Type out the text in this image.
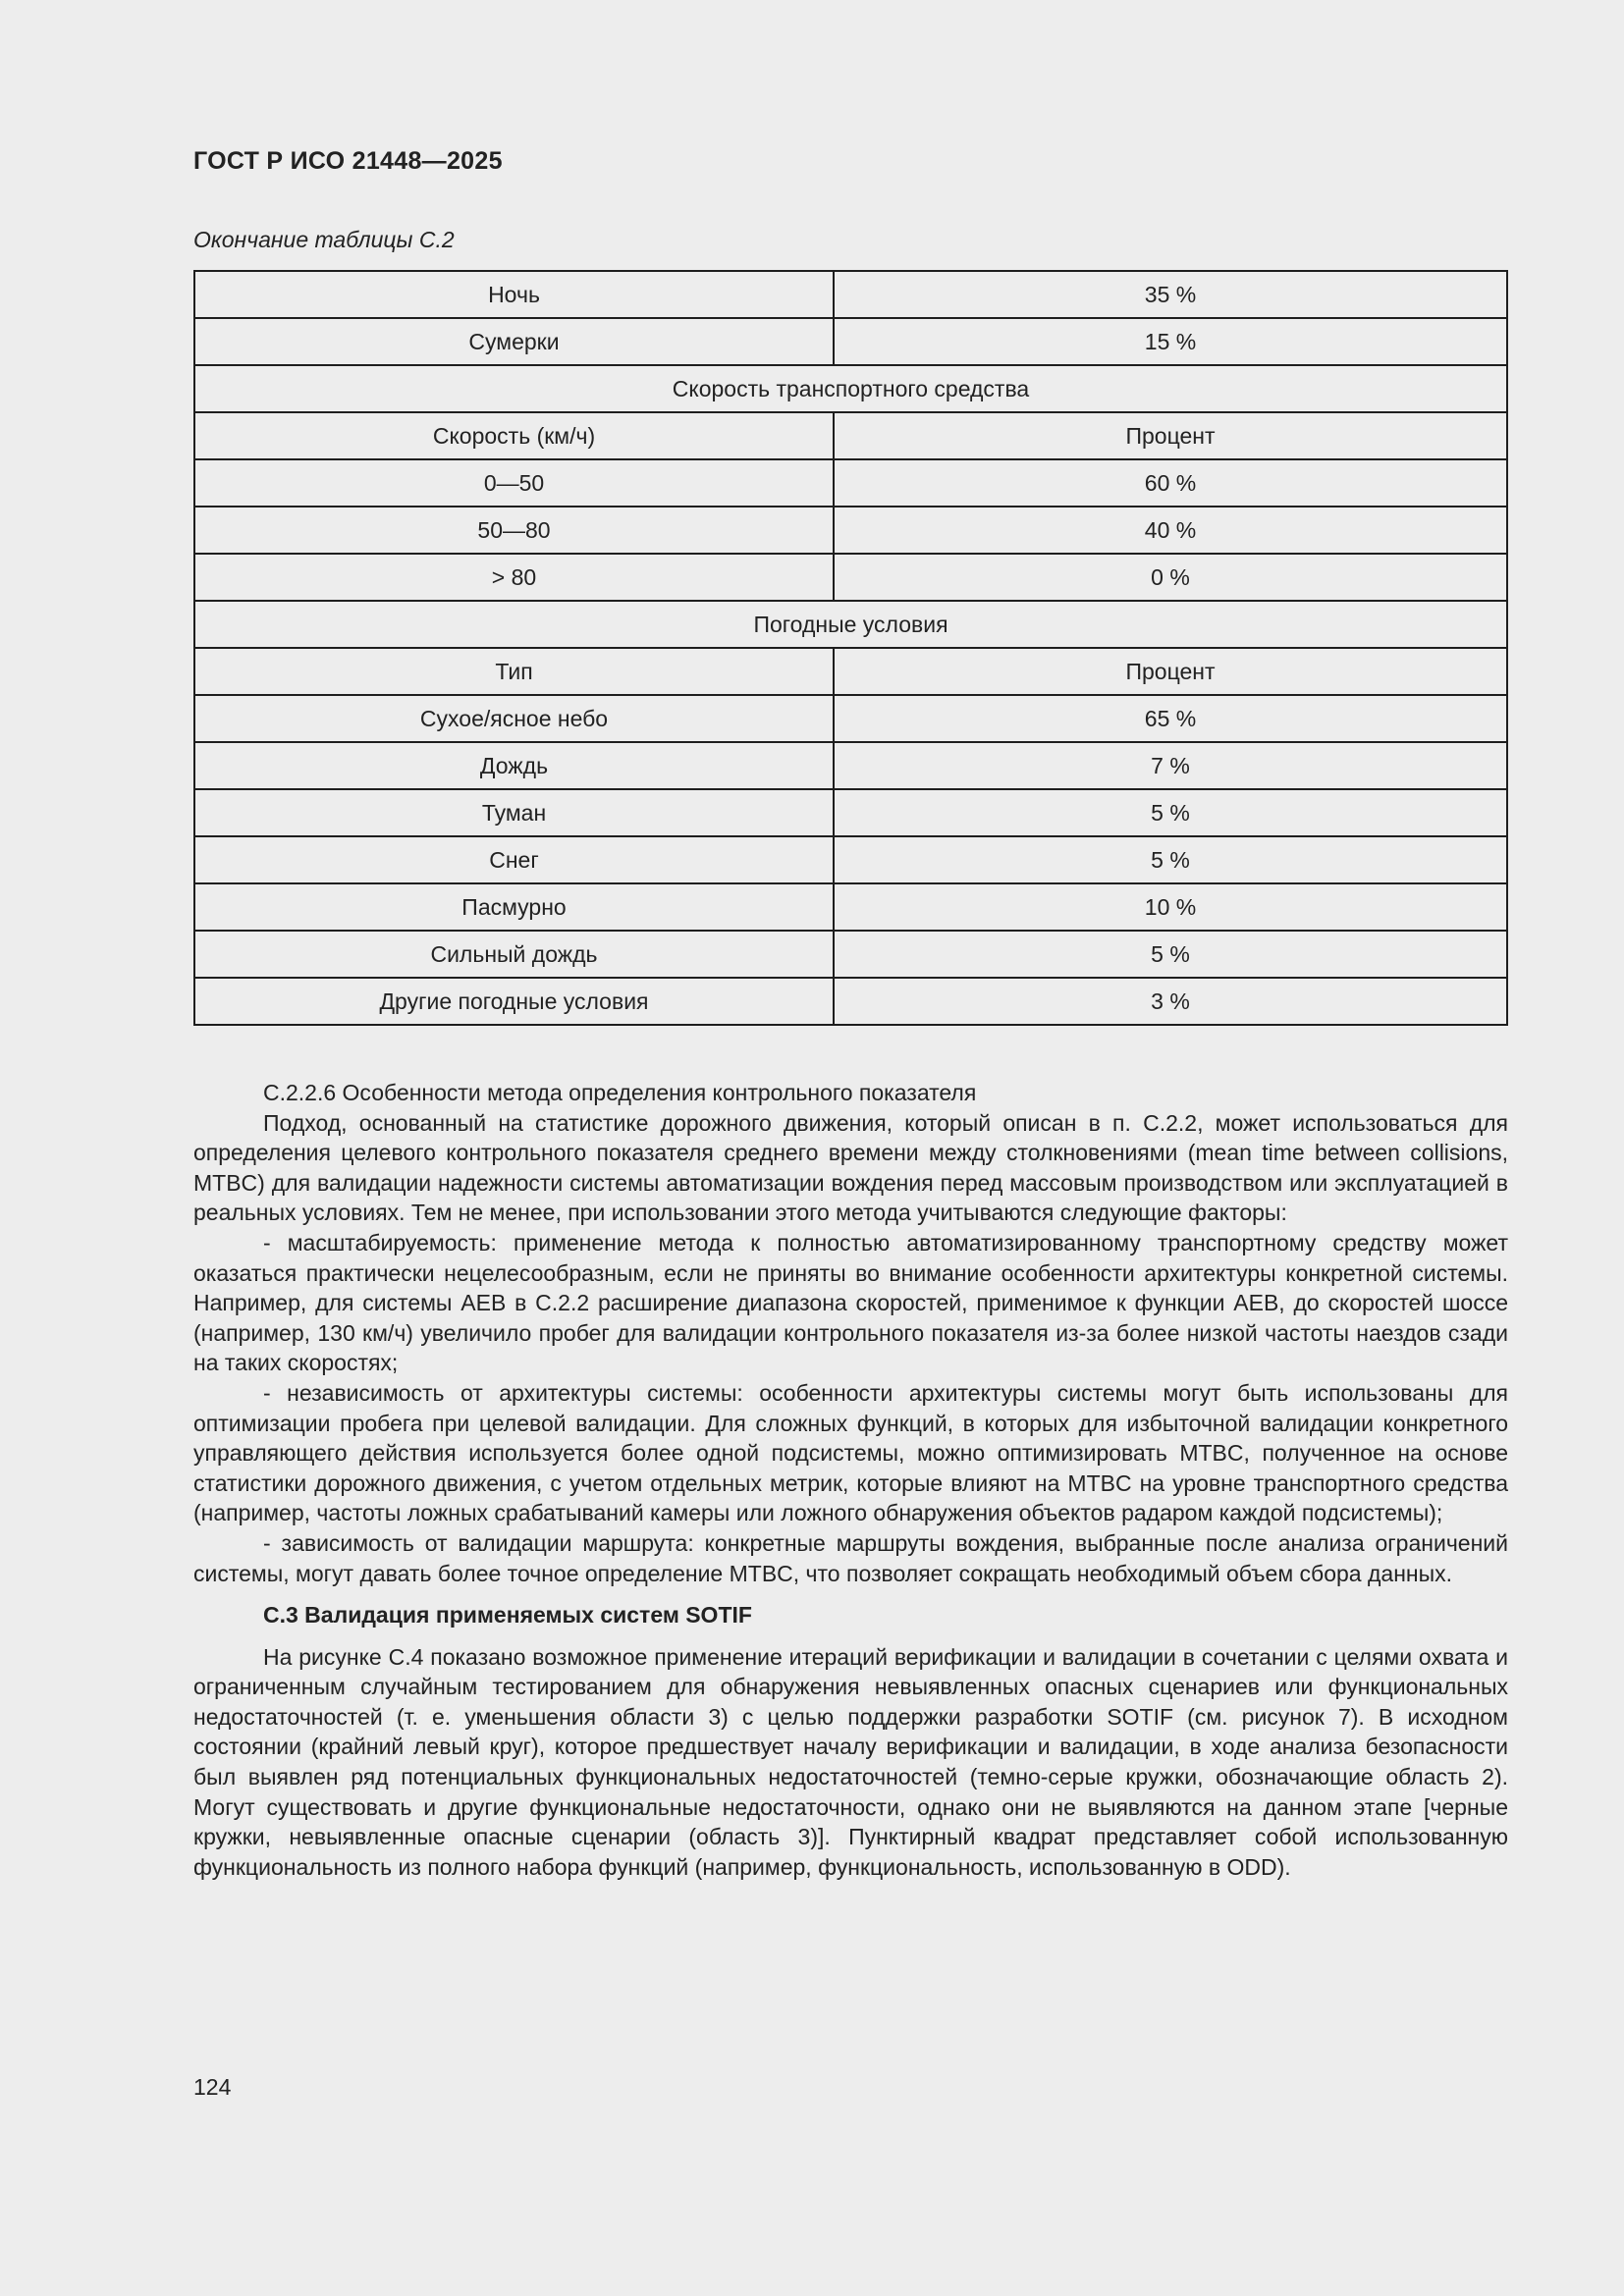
ГОСТ Р ИСО 21448—2025
Окончание таблицы С.2
Ночь	35 %
Сумерки	15 %
Скорость транспортного средства	
Скорость (км/ч)	Процент
0—50	60 %
50—80	40 %
> 80	0 %
Погодные условия	
Тип	Процент
Сухое/ясное небо	65 %
Дождь	7 %
Туман	5 %
Снег	5 %
Пасмурно	10 %
Сильный дождь	5 %
Другие погодные условия	3 %

С.2.2.6 Особенности метода определения контрольного показателя

Подход, основанный на статистике дорожного движения, который описан в п. С.2.2, может использоваться для определения целевого контрольного показателя среднего времени между столкновениями (mean time between collisions, MTBC) для валидации надежности системы автоматизации вождения перед массовым производством или эксплуатацией в реальных условиях. Тем не менее, при использовании этого метода учитываются следующие факторы:

- масштабируемость: применение метода к полностью автоматизированному транспортному средству может оказаться практически нецелесообразным, если не приняты во внимание особенности архитектуры конкретной системы. Например, для системы АЕВ в С.2.2 расширение диапазона скоростей, применимое к функции АЕВ, до скоростей шоссе (например, 130 км/ч) увеличило пробег для валидации контрольного показателя из-за более низкой частоты наездов сзади на таких скоростях;

- независимость от архитектуры системы: особенности архитектуры системы могут быть использованы для оптимизации пробега при целевой валидации. Для сложных функций, в которых для избыточной валидации конкретного управляющего действия используется более одной подсистемы, можно оптимизировать MTBC, полученное на основе статистики дорожного движения, с учетом отдельных метрик, которые влияют на MTBC на уровне транспортного средства (например, частоты ложных срабатываний камеры или ложного обнаружения объектов радаром каждой подсистемы);

- зависимость от валидации маршрута: конкретные маршруты вождения, выбранные после анализа ограничений системы, могут давать более точное определение MTBC, что позволяет сокращать необходимый объем сбора данных.

С.3 Валидация применяемых систем SOTIF

На рисунке С.4 показано возможное применение итераций верификации и валидации в сочетании с целями охвата и ограниченным случайным тестированием для обнаружения невыявленных опасных сценариев или функциональных недостаточностей (т. е. уменьшения области 3) с целью поддержки разработки SOTIF (см. рисунок 7). В исходном состоянии (крайний левый круг), которое предшествует началу верификации и валидации, в ходе анализа безопасности был выявлен ряд потенциальных функциональных недостаточностей (темно-серые кружки, обозначающие область 2). Могут существовать и другие функциональные недостаточности, однако они не выявляются на данном этапе [черные кружки, невыявленные опасные сценарии (область 3)]. Пунктирный квадрат представляет собой использованную функциональность из полного набора функций (например, функциональность, использованную в ODD).

124
